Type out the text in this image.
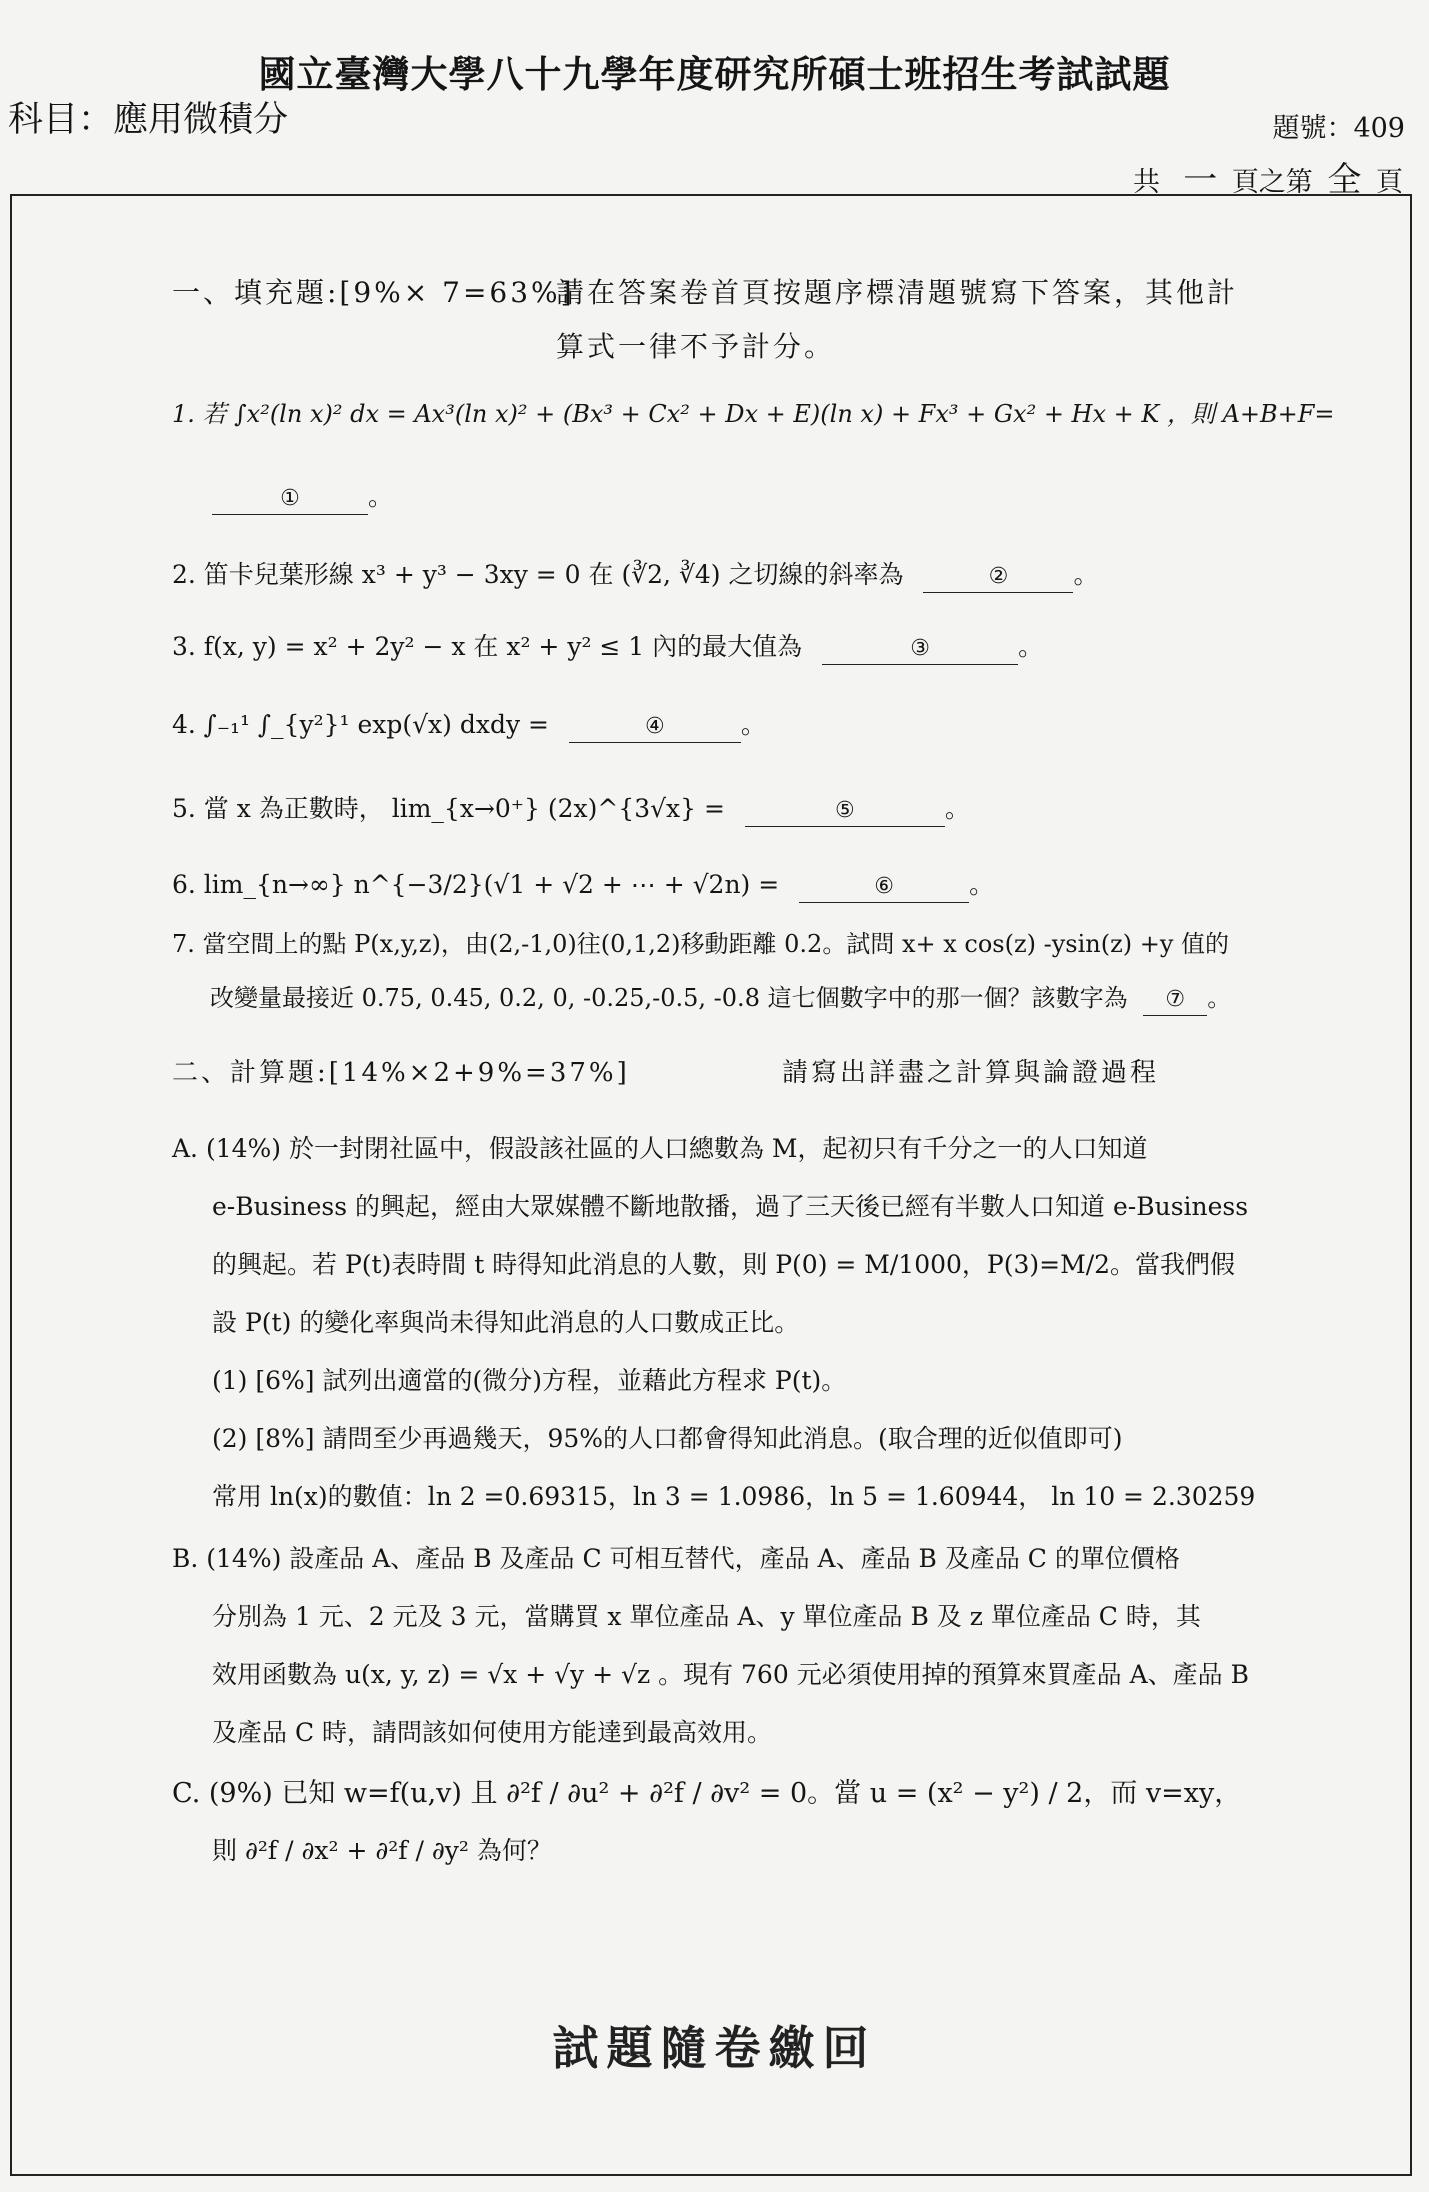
國立臺灣大學八十九學年度研究所碩士班招生考試試題
科目：應用微積分	題號：409
共 一 頁之第 全 頁
一、填充題:[9%× 7=63%]
請在答案卷首頁按題序標清題號寫下答案，其他計
算式一律不予計分。
1. 若 ∫x²(ln x)² dx = Ax³(ln x)² + (Bx³ + Cx² + Dx + E)(ln x) + Fx³ + Gx² + Hx + K ，則 A+B+F=
①	。
2. 笛卡兒葉形線 x³ + y³ − 3xy = 0 在 (∛2, ∛4) 之切線的斜率為	②	。
3. f(x, y) = x² + 2y² − x 在 x² + y² ≤ 1 內的最大值為	③	。
4. ∫₋₁¹ ∫_{y²}¹ exp(√x) dxdy =	④	。
5. 當 x 為正數時， lim_{x→0⁺} (2x)^{3√x} =	⑤	。
6. lim_{n→∞} n^{−3/2}(√1 + √2 + ⋯ + √2n) =	⑥	。
7. 當空間上的點 P(x,y,z)，由(2,-1,0)往(0,1,2)移動距離 0.2。試問 x+ x cos(z) -ysin(z) +y 值的
改變量最接近 0.75, 0.45, 0.2, 0, -0.25,-0.5, -0.8 這七個數字中的那一個？該數字為 ⑦ 。
二、計算題:[14%×2+9%=37%]	請寫出詳盡之計算與論證過程
A. (14%) 於一封閉社區中，假設該社區的人口總數為 M，起初只有千分之一的人口知道
e-Business 的興起，經由大眾媒體不斷地散播，過了三天後已經有半數人口知道 e-Business
的興起。若 P(t)表時間 t 時得知此消息的人數，則 P(0) = M/1000，P(3)=M/2。當我們假
設 P(t) 的變化率與尚未得知此消息的人口數成正比。
(1) [6%] 試列出適當的(微分)方程，並藉此方程求 P(t)。
(2) [8%] 請問至少再過幾天，95%的人口都會得知此消息。(取合理的近似值即可)
常用 ln(x)的數值：ln 2 =0.69315，ln 3 = 1.0986，ln 5 = 1.60944， ln 10 = 2.30259
B. (14%) 設產品 A、產品 B 及產品 C 可相互替代，產品 A、產品 B 及產品 C 的單位價格
分別為 1 元、2 元及 3 元，當購買 x 單位產品 A、y 單位產品 B 及 z 單位產品 C 時，其
效用函數為 u(x, y, z) = √x + √y + √z 。現有 760 元必須使用掉的預算來買產品 A、產品 B
及產品 C 時，請問該如何使用方能達到最高效用。
C. (9%) 已知 w=f(u,v) 且 ∂²f / ∂u² + ∂²f / ∂v² = 0。當 u = (x² − y²) / 2，而 v=xy，
則 ∂²f / ∂x² + ∂²f / ∂y² 為何？
試題隨卷繳回
